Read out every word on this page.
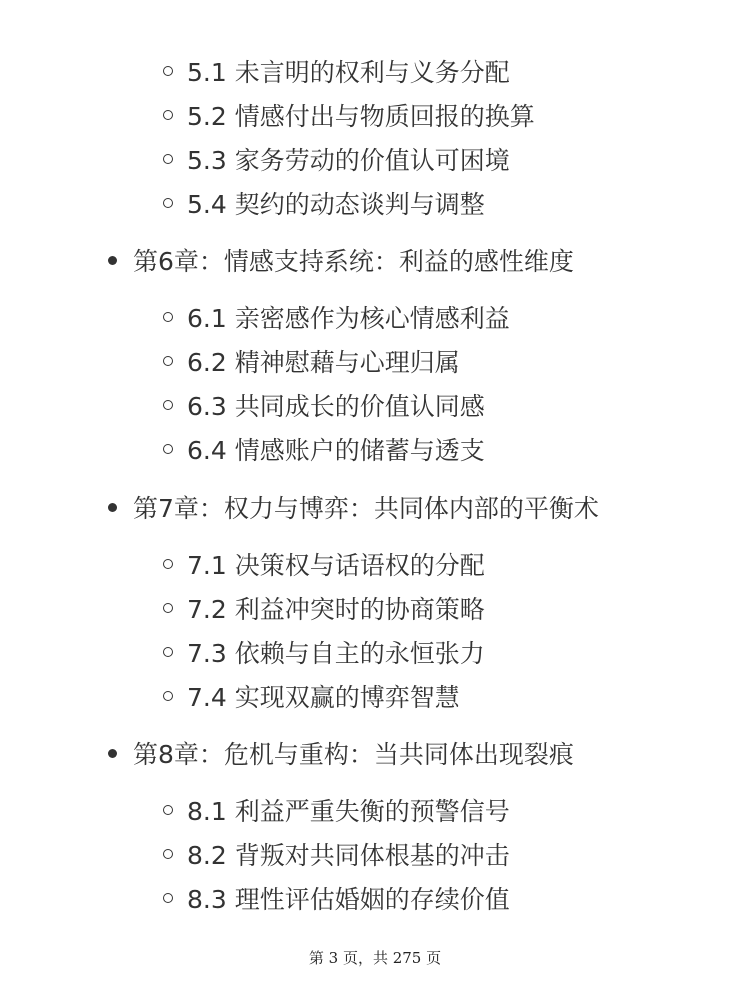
5.1 未言明的权利与义务分配
5.2 情感付出与物质回报的换算
5.3 家务劳动的价值认可困境
5.4 契约的动态谈判与调整
第6章：情感支持系统：利益的感性维度
6.1 亲密感作为核心情感利益
6.2 精神慰藉与心理归属
6.3 共同成长的价值认同感
6.4 情感账户的储蓄与透支
第7章：权力与博弈：共同体内部的平衡术
7.1 决策权与话语权的分配
7.2 利益冲突时的协商策略
7.3 依赖与自主的永恒张力
7.4 实现双赢的博弈智慧
第8章：危机与重构：当共同体出现裂痕
8.1 利益严重失衡的预警信号
8.2 背叛对共同体根基的冲击
8.3 理性评估婚姻的存续价值
第 3 页，共 275 页
